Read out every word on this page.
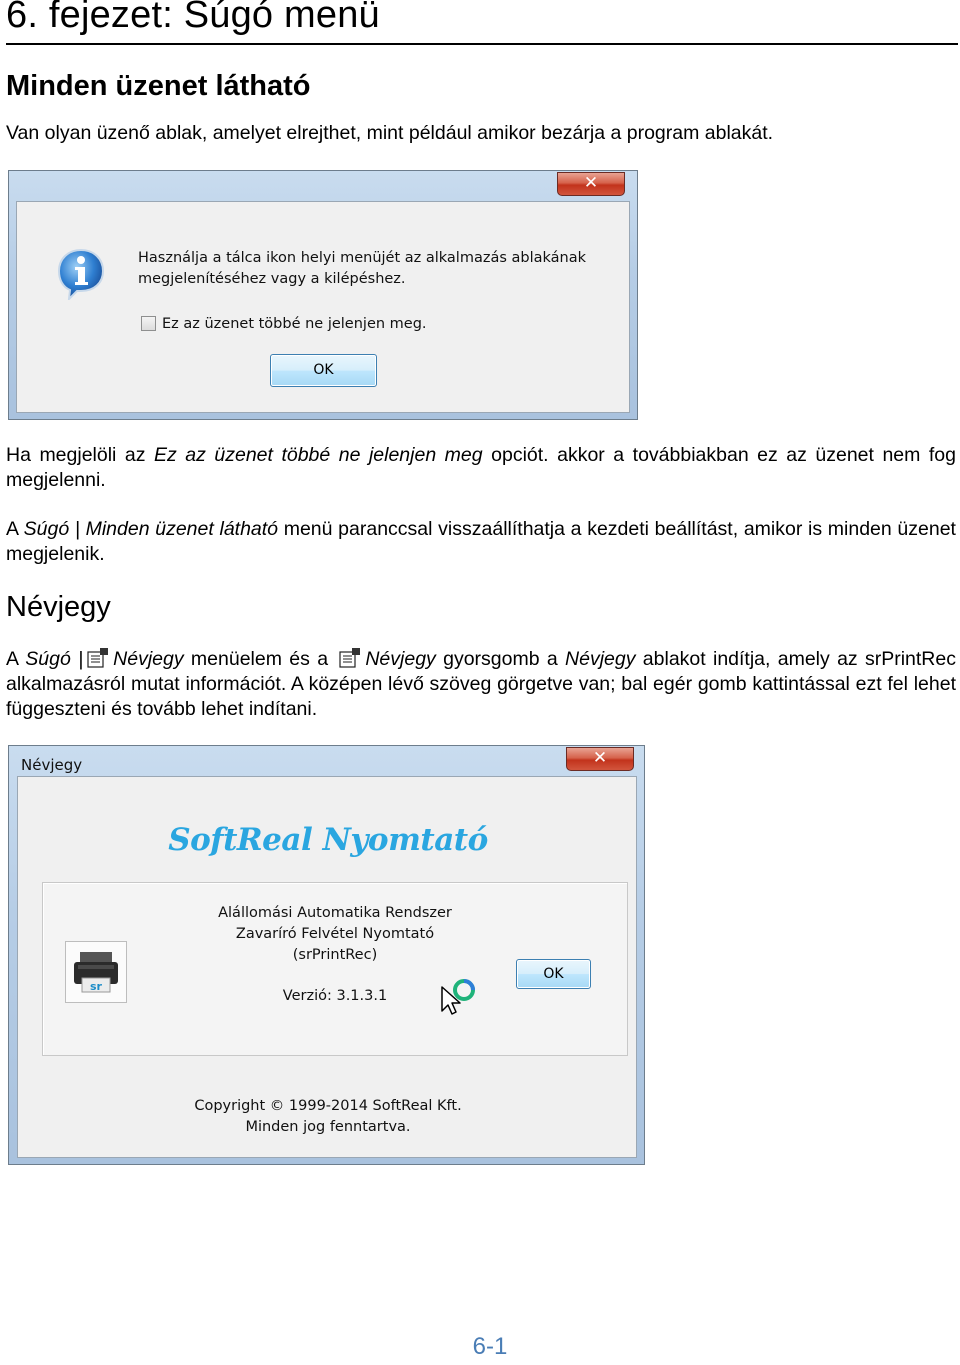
6. fejezet: Súgó menü
Minden üzenet látható
Van olyan üzenő ablak, amelyet elrejthet, mint például amikor bezárja a program ablakát.
✕
Használja a tálca ikon helyi menüjét az alkalmazás ablakának
megjelenítéséhez vagy a kilépéshez.
Ez az üzenet többé ne jelenjen meg.
OK
Ha megjelöli az Ez az üzenet többé ne jelenjen meg opciót. akkor a továbbiakban ez az üzenet nem fog megjelenni.
A Súgó | Minden üzenet látható menü paranccsal visszaállíthatja a kezdeti beállítást, amikor is minden üzenet megjelenik.
Névjegy
A Súgó | Névjegy menüelem és a Névjegy gyorsgomb a Névjegy ablakot indítja, amely az srPrintRec alkalmazásról mutat információt. A középen lévő szöveg görgetve van; bal egér gomb kattintással ezt fel lehet függeszteni és tovább lehet indítani.
Névjegy	✕
SoftReal Nyomtató
sr
Alállomási Automatika Rendszer
Zavaríró Felvétel Nyomtató
(srPrintRec)
Verzió: 3.1.3.1
OK
Copyright © 1999-2014 SoftReal Kft.
Minden jog fenntartva.
6-1
